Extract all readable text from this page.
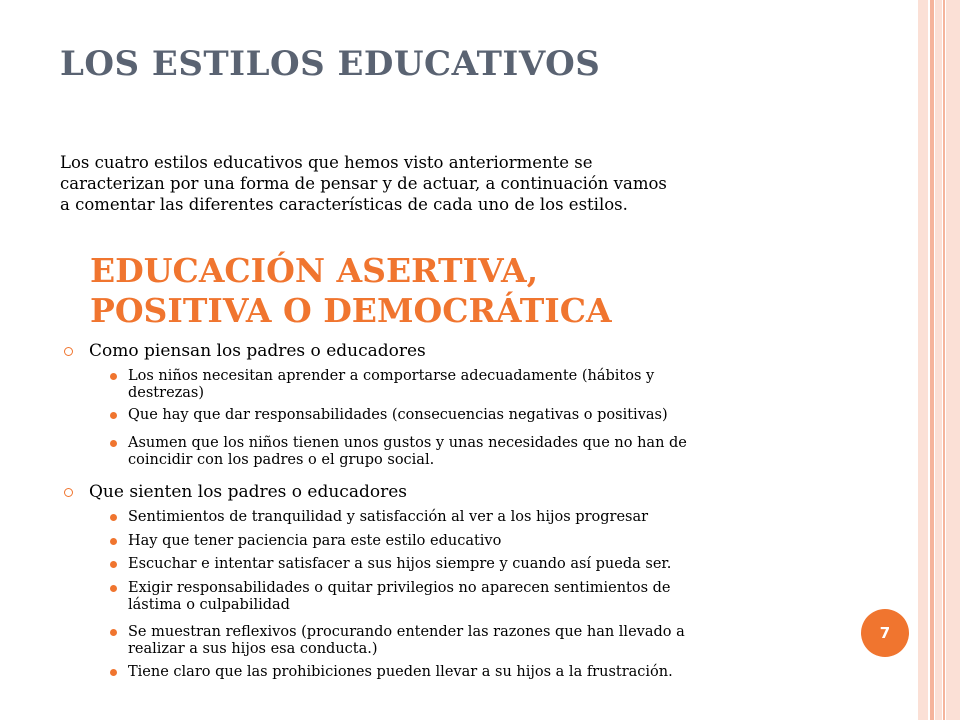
LOS ESTILOS EDUCATIVOS
Los cuatro estilos educativos que hemos visto anteriormente se
caracterizan por una forma de pensar y de actuar, a continuación vamos
a comentar las diferentes características de cada uno de los estilos.
EDUCACIÓN ASERTIVA,
POSITIVA O DEMOCRÁTICA
Como piensan los padres o educadores
Los niños necesitan aprender a comportarse adecuadamente (hábitos y
destrezas)
Que hay que dar responsabilidades (consecuencias negativas o positivas)
Asumen que los niños tienen unos gustos y unas necesidades que no han de
coincidir con los padres o el grupo social.
Que sienten los padres o educadores
Sentimientos de tranquilidad y satisfacción al ver a los hijos progresar
Hay que tener paciencia para este estilo educativo
Escuchar e intentar satisfacer a sus hijos siempre y cuando así pueda ser.
Exigir responsabilidades o quitar privilegios no aparecen sentimientos de
lástima o culpabilidad
Se muestran reflexivos (procurando entender las razones que han llevado a
realizar a sus hijos esa conducta.)
Tiene claro que las prohibiciones pueden llevar a su hijos a la frustración.
7
